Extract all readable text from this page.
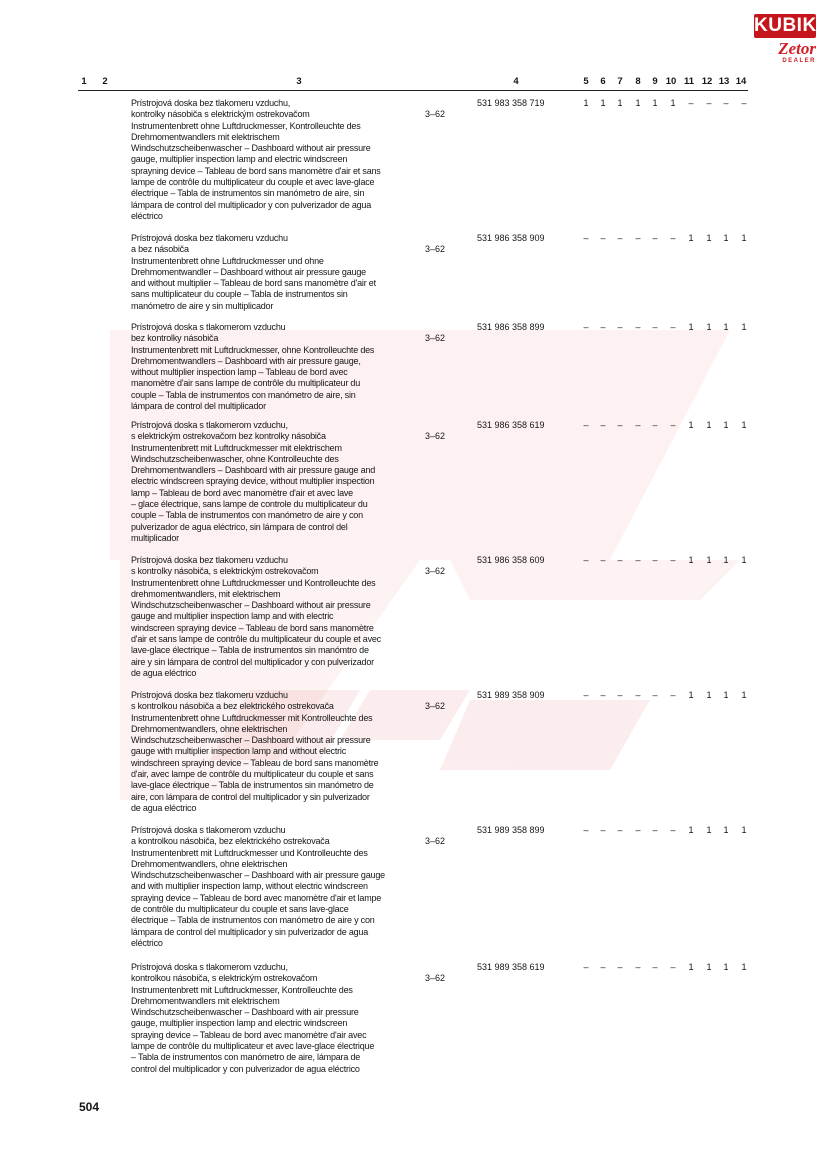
KUBIK
Zetor
DEALER
1	2	3	4	5	6	7	8	9 10 11 12 13 14
Prístrojová doska bez tlakomeru vzduchu,
kontrolky násobiča s elektrickým ostrekovačom
Instrumentenbrett ohne Luftdruckmesser, Kontrolleuchte des
Drehmomentwandlers mit elektrischem
Windschutzscheibenwascher – Dashboard without air pressure
gauge, multiplier inspection lamp and electric windscreen
sprayning device – Tableau de bord sans manomètre d'air et sans
lampe de contrôle du multiplicateur du couple et avec lave-glace
électrique – Tabla de instrumentos sin manómetro de aire, sin
lámpara de control del multiplicador y con pulverizador de agua
eléctrico
3–62
531 983 358 719	1	1	1	1	1	1	–	–	–	–
Prístrojová doska bez tlakomeru vzduchu
a bez násobiča
Instrumentenbrett ohne Luftdruckmesser und ohne
Drehmomentwandler – Dashboard without air pressure gauge
and without multiplier – Tableau de bord sans manomètre d'air et
sans multiplicateur du couple – Tabla de instrumentos sin
manómetro de aire y sin multiplicador
3–62
531 986 358 909	–	–	–	–	–	–	1	1	1	1
Prístrojová doska s tlakomerom vzduchu
bez kontrolky násobiča
Instrumentenbrett mit Luftdruckmesser, ohne Kontrolleuchte des
Drehmomentwandlers – Dashboard with air pressure gauge,
without multiplier inspection lamp – Tableau de bord avec
manomètre d'air sans lampe de contrôle du multiplicateur du
couple – Tabla de instrumentos con manómetro de aire, sin
lámpara de control del multiplicador
3–62
531 986 358 899	–	–	–	–	–	–	1	1	1	1
Prístrojová doska s tlakomerom vzduchu,
s elektrickým ostrekovačom bez kontrolky násobiča
Instrumentenbrett mit Luftdruckmesser mit elektrischem
Windschutzscheibenwascher, ohne Kontrolleuchte des
Drehmomentwandlers – Dashboard with air pressure gauge and
electric windscreen spraying device, without multiplier inspection
lamp – Tableau de bord avec manomètre d'air et avec lave
– glace électrique, sans lampe de controle du multiplicateur du
couple – Tabla de instrumentos con manómetro de aire y con
pulverizador de agua eléctrico, sin lámpara de control del
multiplicador
3–62
531 986 358 619	–	–	–	–	–	–	1	1	1	1
Prístrojová doska bez tlakomeru vzduchu
s kontrolky násobiča, s elektrickým ostrekovačom
Instrumentenbrett ohne Luftdruckmesser und Kontrolleuchte des
drehmomentwandlers, mit elektrischem
Windschutzscheibenwascher – Dashboard without air pressure
gauge and multiplier inspection lamp and with electric
windscreen spraying device – Tableau de bord sans manomètre
d'air et sans lampe de contrôle du multiplicateur du couple et avec
lave-glace électrique – Tabla de instrumentos sin manómtro de
aire y sin lámpara de control del multiplicador y con pulverizador
de agua eléctrico
3–62
531 986 358 609	–	–	–	–	–	–	1	1	1	1
Prístrojová doska bez tlakomeru vzduchu
s kontrolkou násobiča a bez elektrického ostrekovača
Instrumentenbrett ohne Luftdruckmesser mit Kontrolleuchte des
Drehmomentwandlers, ohne elektrischen
Windschutzscheibenwascher – Dashboard without air pressure
gauge with multiplier inspection lamp and without electric
windschreen spraying device – Tableau de bord sans manomètre
d'air, avec lampe de contrôle du multiplicateur du couple et sans
lave-glace électrique – Tabla de instrumentos sin manómetro de
aire, con lámpara de control del multiplicador y sin pulverizador
de agua eléctrico
3–62
531 989 358 909	–	–	–	–	–	–	1	1	1	1
Prístrojová doska s tlakomerom vzduchu
a kontrolkou násobiča, bez elektrického ostrekovača
Instrumentenbrett mit Luftdruckmesser und Kontrolleuchte des
Drehmomentwandlers, ohne elektrischen
Windschutzscheibenwascher – Dashboard with air pressure gauge
and with multiplier inspection lamp, without electric windscreen
spraying device – Tableau de bord avec manomètre d'air et lampe
de contrôle du multiplicateur du couple et sans lave-glace
électrique – Tabla de instrumentos con manómetro de aire y con
lámpara de control del multiplicador y sin pulverizador de agua
eléctrico
3–62
531 989 358 899	–	–	–	–	–	–	1	1	1	1
Prístrojová doska s tlakomerom vzduchu,
kontrolkou násobiča, s elektrickým ostrekovačom
Instrumentenbrett mit Luftdruckmesser, Kontrolleuchte des
Drehmomentwandlers mit elektrischem
Windschutzscheibenwascher – Dashboard with air pressure
gauge, multiplier inspection lamp and electric windscreen
spraying device – Tableau de bord avec manomètre d'air avec
lampe de contrôle du multiplicateur et avec lave-glace électrique
– Tabla de instrumentos con manómetro de aire, lámpara de
control del multiplicador y con pulverizador de agua eléctrico
3–62
531 989 358 619	–	–	–	–	–	–	1	1	1	1
504
